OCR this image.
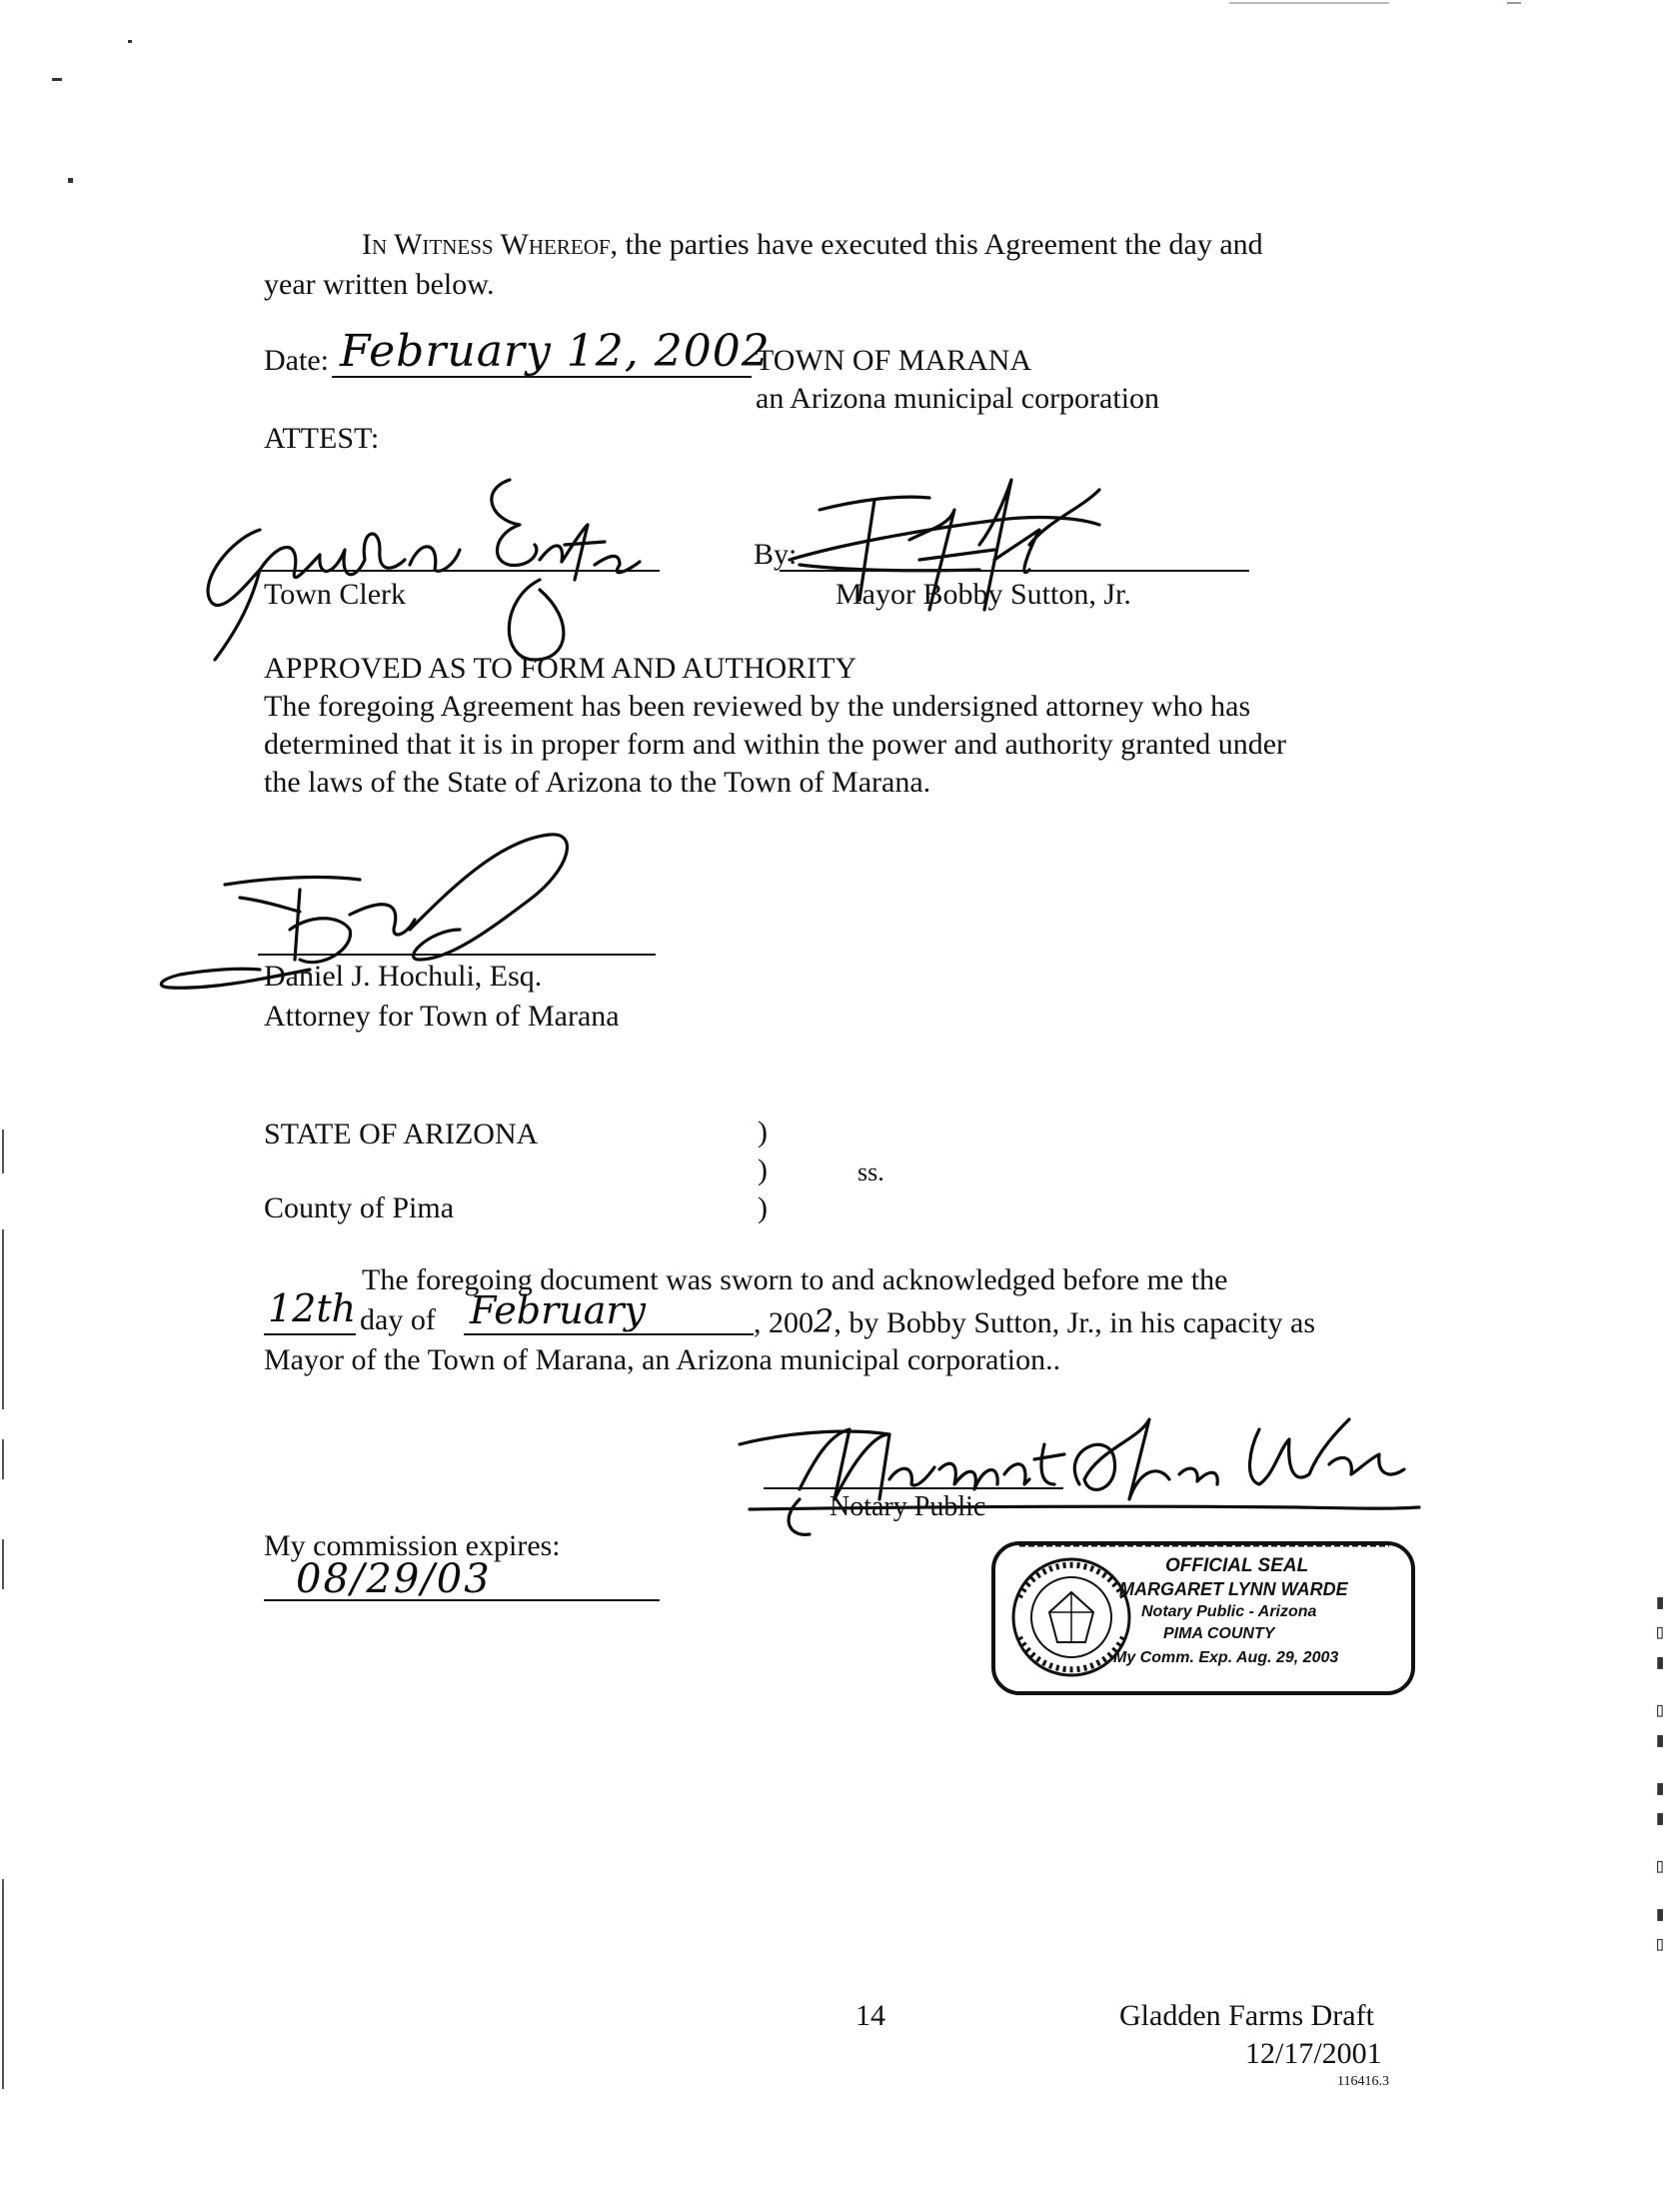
▮▯▮ ▯▮ ▮▮ ▯ ▮▯
In Witness Whereof, the parties have executed this Agreement the day and
year written below.
Date: February 12, 2002
TOWN OF MARANA
an Arizona municipal corporation
ATTEST:
Town Clerk
By:
Mayor Bobby Sutton, Jr.
APPROVED AS TO FORM AND AUTHORITY
The foregoing Agreement has been reviewed by the undersigned attorney who has
determined that it is in proper form and within the power and authority granted under
the laws of the State of Arizona to the Town of Marana.
Daniel J. Hochuli, Esq.
Attorney for Town of Marana
STATE OF ARIZONA
County of Pima
)
)
)
ss.
The foregoing document was sworn to and acknowledged before me the
12th day of February	, 2002, by Bobby Sutton, Jr., in his capacity as
Mayor of the Town of Marana, an Arizona municipal corporation..
Notary Public
My commission expires:
08/29/03	OFFICIAL SEAL
MARGARET LYNN WARDE
Notary Public - Arizona
PIMA COUNTY
My Comm. Exp. Aug. 29, 2003
14	Gladden Farms Draft
12/17/2001
116416.3
